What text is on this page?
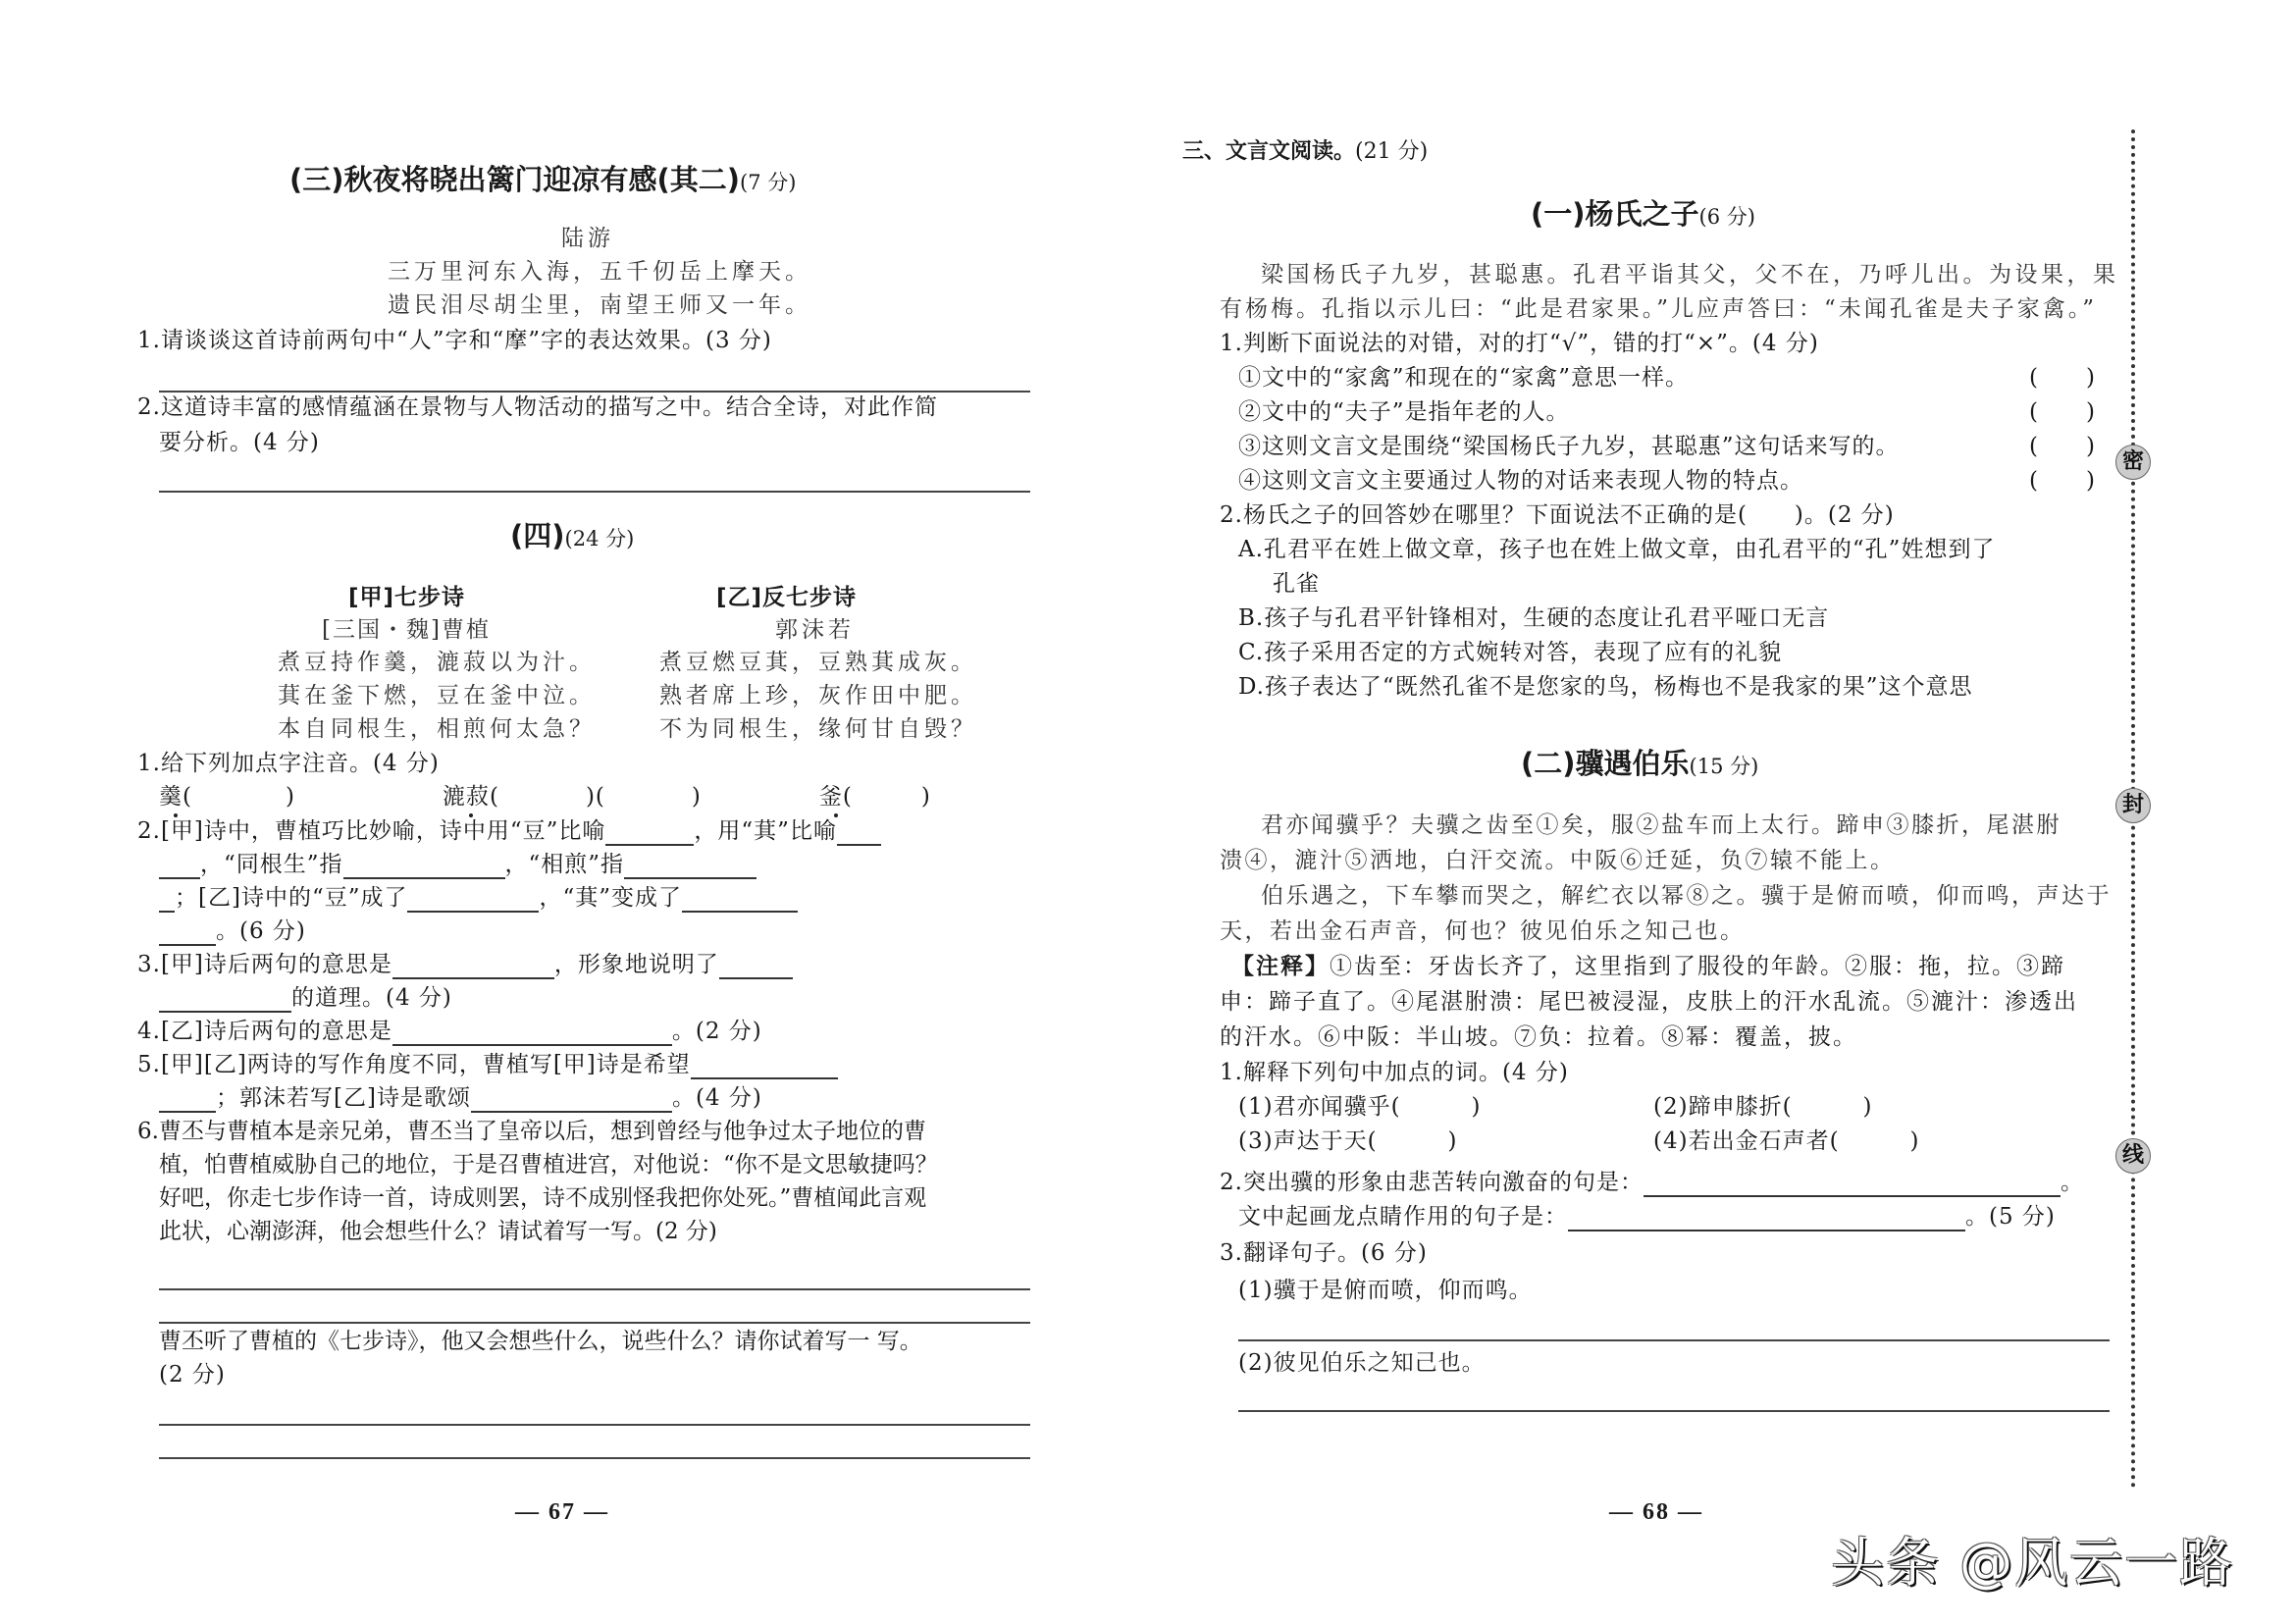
(三)秋夜将晓出篱门迎凉有感(其二)(7 分)
陆游
三万里河东入海，五千仞岳上摩天。
遗民泪尽胡尘里，南望王师又一年。
1.请谈谈这首诗前两句中“人”字和“摩”字的表达效果。(3 分)
2.这道诗丰富的感情蕴涵在景物与人物活动的描写之中。结合全诗，对此作简
要分析。(4 分)
(四)(24 分)
[甲]七步诗
[三国・魏]曹植
煮豆持作羹，漉菽以为汁。
萁在釜下燃，豆在釜中泣。
本自同根生，相煎何太急？
[乙]反七步诗
郭沫若
煮豆燃豆萁，豆熟萁成灰。
熟者席上珍，灰作田中肥。
不为同根生，缘何甘自毁？
1.给下列加点字注音。(4 分)
羹(	)	漉菽(	)(	)	釜(	)
2.[甲]诗中，曹植巧比妙喻，诗中用“豆”比喻	，用“萁”比喻
，“同根生”指	，“相煎”指
；[乙]诗中的“豆”成了	，“萁”变成了
。(6 分)
3.[甲]诗后两句的意思是	，形象地说明了
的道理。(4 分)
4.[乙]诗后两句的意思是	。(2 分)
5.[甲][乙]两诗的写作角度不同，曹植写[甲]诗是希望
；郭沫若写[乙]诗是歌颂	。(4 分)
6.曹丕与曹植本是亲兄弟，曹丕当了皇帝以后，想到曾经与他争过太子地位的曹
植，怕曹植威胁自己的地位，于是召曹植进宫，对他说：“你不是文思敏捷吗？
好吧，你走七步作诗一首，诗成则罢，诗不成别怪我把你处死。”曹植闻此言观
此状，心潮澎湃，他会想些什么？请试着写一写。(2 分)
曹丕听了曹植的《七步诗》，他又会想些什么，说些什么？请你试着写一 写。
(2 分)
— 67 —
三、文言文阅读。(21 分)
(一)杨氏之子(6 分)
梁国杨氏子九岁，甚聪惠。孔君平诣其父，父不在，乃呼儿出。为设果，果
有杨梅。孔指以示儿曰：“此是君家果。”儿应声答曰：“未闻孔雀是夫子家禽。”
1.判断下面说法的对错，对的打“√”，错的打“×”。(4 分)
①文中的“家禽”和现在的“家禽”意思一样。	(　　)
②文中的“夫子”是指年老的人。	(　　)
③这则文言文是围绕“梁国杨氏子九岁，甚聪惠”这句话来写的。	(　　)
④这则文言文主要通过人物的对话来表现人物的特点。	(　　)
2.杨氏之子的回答妙在哪里？下面说法不正确的是(　　)。(2 分)
A.孔君平在姓上做文章，孩子也在姓上做文章，由孔君平的“孔”姓想到了
孔雀
B.孩子与孔君平针锋相对，生硬的态度让孔君平哑口无言
C.孩子采用否定的方式婉转对答，表现了应有的礼貌
D.孩子表达了“既然孔雀不是您家的鸟，杨梅也不是我家的果”这个意思
(二)骥遇伯乐(15 分)
君亦闻骥乎？夫骥之齿至①矣，服②盐车而上太行。蹄申③膝折，尾湛胕
溃④，漉汁⑤洒地，白汗交流。中阪⑥迁延，负⑦辕不能上。
伯乐遇之，下车攀而哭之，解纻衣以幂⑧之。骥于是俯而喷，仰而鸣，声达于
天，若出金石声音，何也？彼见伯乐之知己也。
【注释】①齿至：牙齿长齐了，这里指到了服役的年龄。②服：拖，拉。③蹄
申：蹄子直了。④尾湛胕溃：尾巴被浸湿，皮肤上的汗水乱流。⑤漉汁：渗透出
的汗水。⑥中阪：半山坡。⑦负：拉着。⑧幂：覆盖，披。
1.解释下列句中加点的词。(4 分)
(1)君亦闻骥乎(　　　)	(2)蹄申膝折(　　　)
(3)声达于天(　　　)	(4)若出金石声者(　　　)
2.突出骥的形象由悲苦转向激奋的句是：	。
文中起画龙点睛作用的句子是：	。(5 分)
3.翻译句子。(6 分)
(1)骥于是俯而喷，仰而鸣。
(2)彼见伯乐之知己也。
— 68 —
密
封
线
头条 @风云一路
